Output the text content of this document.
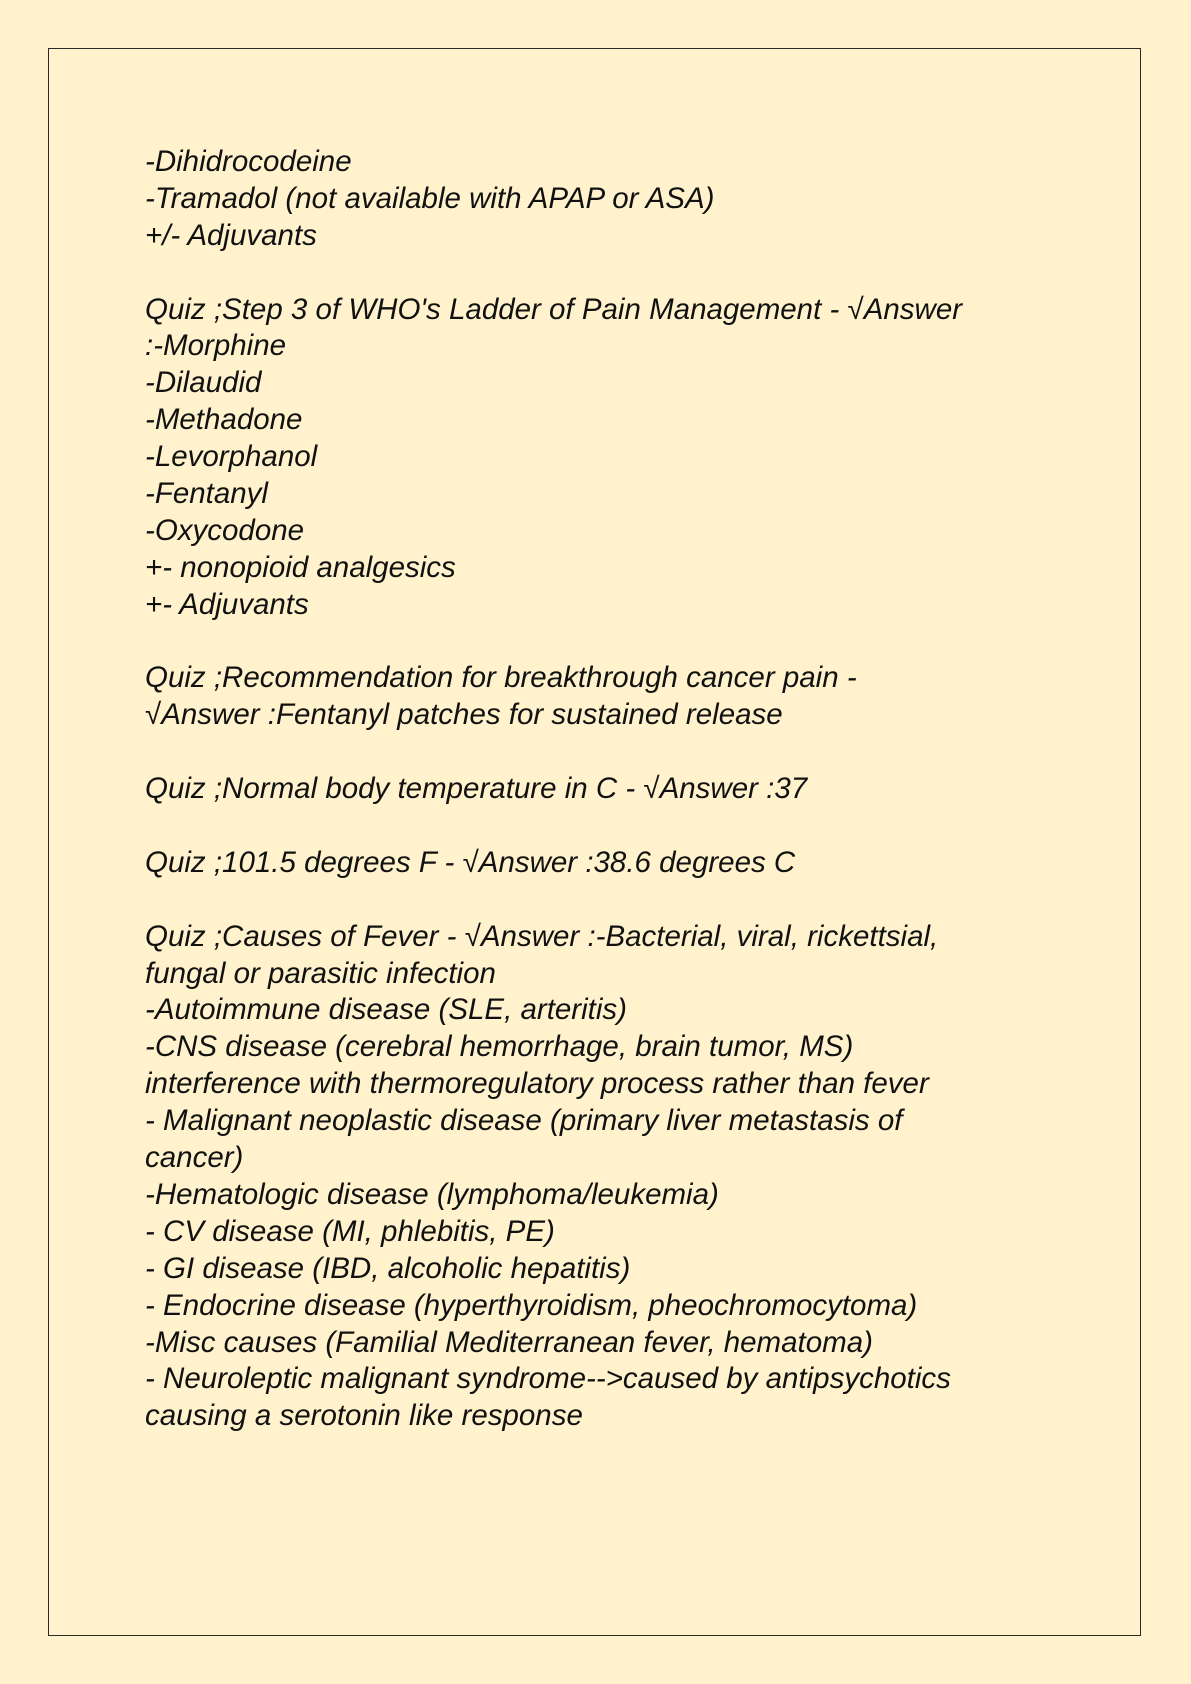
-Dihidrocodeine
-Tramadol (not available with APAP or ASA)
+/- Adjuvants
Quiz ;Step 3 of WHO's Ladder of Pain Management - √Answer
:-Morphine
-Dilaudid
-Methadone
-Levorphanol
-Fentanyl
-Oxycodone
+- nonopioid analgesics
+- Adjuvants
Quiz ;Recommendation for breakthrough cancer pain -
√Answer :Fentanyl patches for sustained release
Quiz ;Normal body temperature in C - √Answer :37
Quiz ;101.5 degrees F - √Answer :38.6 degrees C
Quiz ;Causes of Fever - √Answer :-Bacterial, viral, rickettsial,
fungal or parasitic infection
-Autoimmune disease (SLE, arteritis)
-CNS disease (cerebral hemorrhage, brain tumor, MS)
interference with thermoregulatory process rather than fever
- Malignant neoplastic disease (primary liver metastasis of
cancer)
-Hematologic disease (lymphoma/leukemia)
- CV disease (MI, phlebitis, PE)
- GI disease (IBD, alcoholic hepatitis)
- Endocrine disease (hyperthyroidism, pheochromocytoma)
-Misc causes (Familial Mediterranean fever, hematoma)
- Neuroleptic malignant syndrome-->caused by antipsychotics
causing a serotonin like response
